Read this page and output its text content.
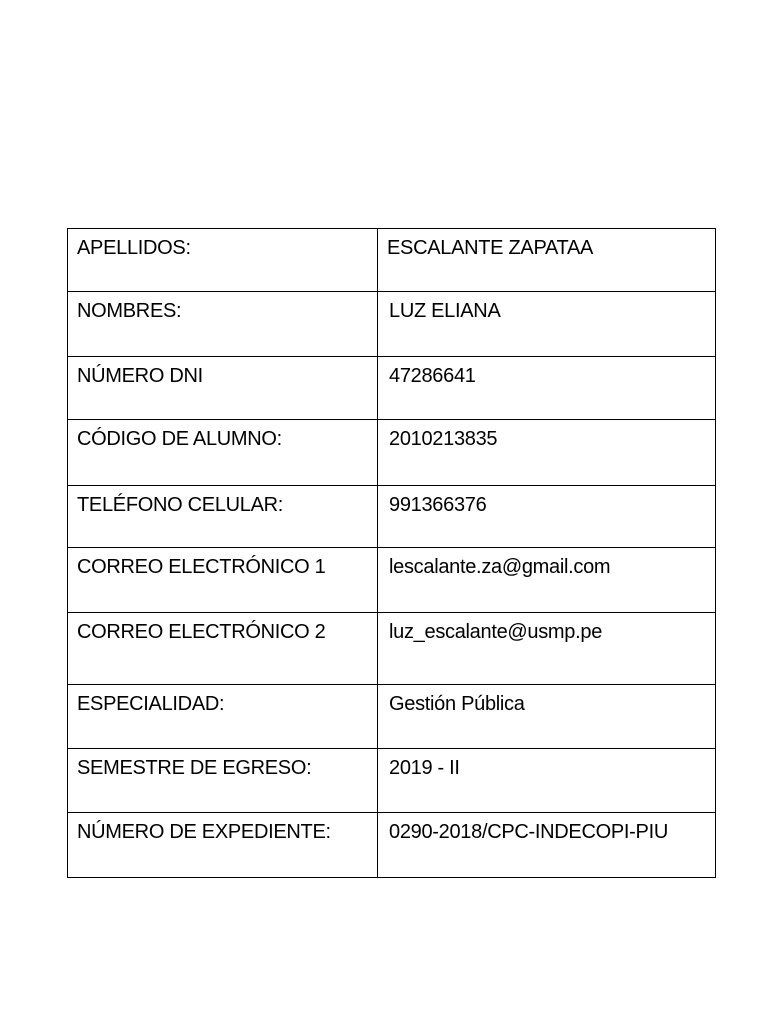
APELLIDOS:	ESCALANTE ZAPATAA
NOMBRES:	LUZ ELIANA
NÚMERO DNI	47286641
CÓDIGO DE ALUMNO:	2010213835
TELÉFONO CELULAR:	991366376
CORREO ELECTRÓNICO 1	lescalante.za@gmail.com
CORREO ELECTRÓNICO 2	luz_escalante@usmp.pe
ESPECIALIDAD:	Gestión Pública
SEMESTRE DE EGRESO:	2019 - II
NÚMERO DE EXPEDIENTE:	0290-2018/CPC-INDECOPI-PIU
